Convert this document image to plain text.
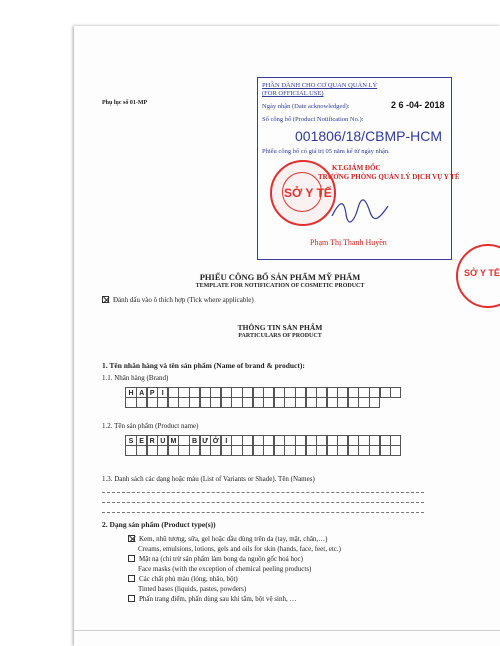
Phụ lục số 01-MP
PHẦN DÀNH CHO CƠ QUAN QUẢN LÝ
(FOR OFFICIAL USE)
Ngày nhận (Date acknowledged):	2 6 -04- 2018
Số công bố (Product Notification No.):
001806/18/CBMP-HCM
Phiếu công bố có giá trị 05 năm kể từ ngày nhận.
KT.GIÁM ĐỐC
TRƯỞNG PHÒNG QUẢN LÝ DỊCH VỤ Y TẾ
Phạm Thị Thanh Huyền
SỞ Y TẾ
SỞ Y TẾ
PHIẾU CÔNG BỐ SẢN PHẨM MỸ PHẨM
TEMPLATE FOR NOTIFICATION OF COSMETIC PRODUCT
Đánh dấu vào ô thích hợp (Tick where applicable)
THÔNG TIN SẢN PHẨM
PARTICULARS OF PRODUCT
1. Tên nhãn hàng và tên sản phẩm (Name of brand & product):
1.1. Nhãn hàng (Brand)
H A P	I
1.2. Tên sản phẩm (Product name)
S E R U M	B Ư Ở I
1.3. Danh sách các dạng hoặc màu (List of Variants or Shade). Tên (Names)
2. Dạng sản phẩm (Product type(s))
Kem, nhũ tương, sữa, gel hoặc dầu dùng trên da (tay, mặt, chân,…)
Creams, emulsions, lotions, gels and oils for skin (hands, face, feet, etc.)
Mặt nạ (chỉ trừ sản phẩm làm bong da nguồn gốc hoá học)
Face masks (with the exception of chemical peeling products)
Các chất phủ màu (lỏng, nhão, bột)
Tinted bases (liquids, pastes, powders)
Phấn trang điểm, phấn dùng sau khi tắm, bột vệ sinh, …
